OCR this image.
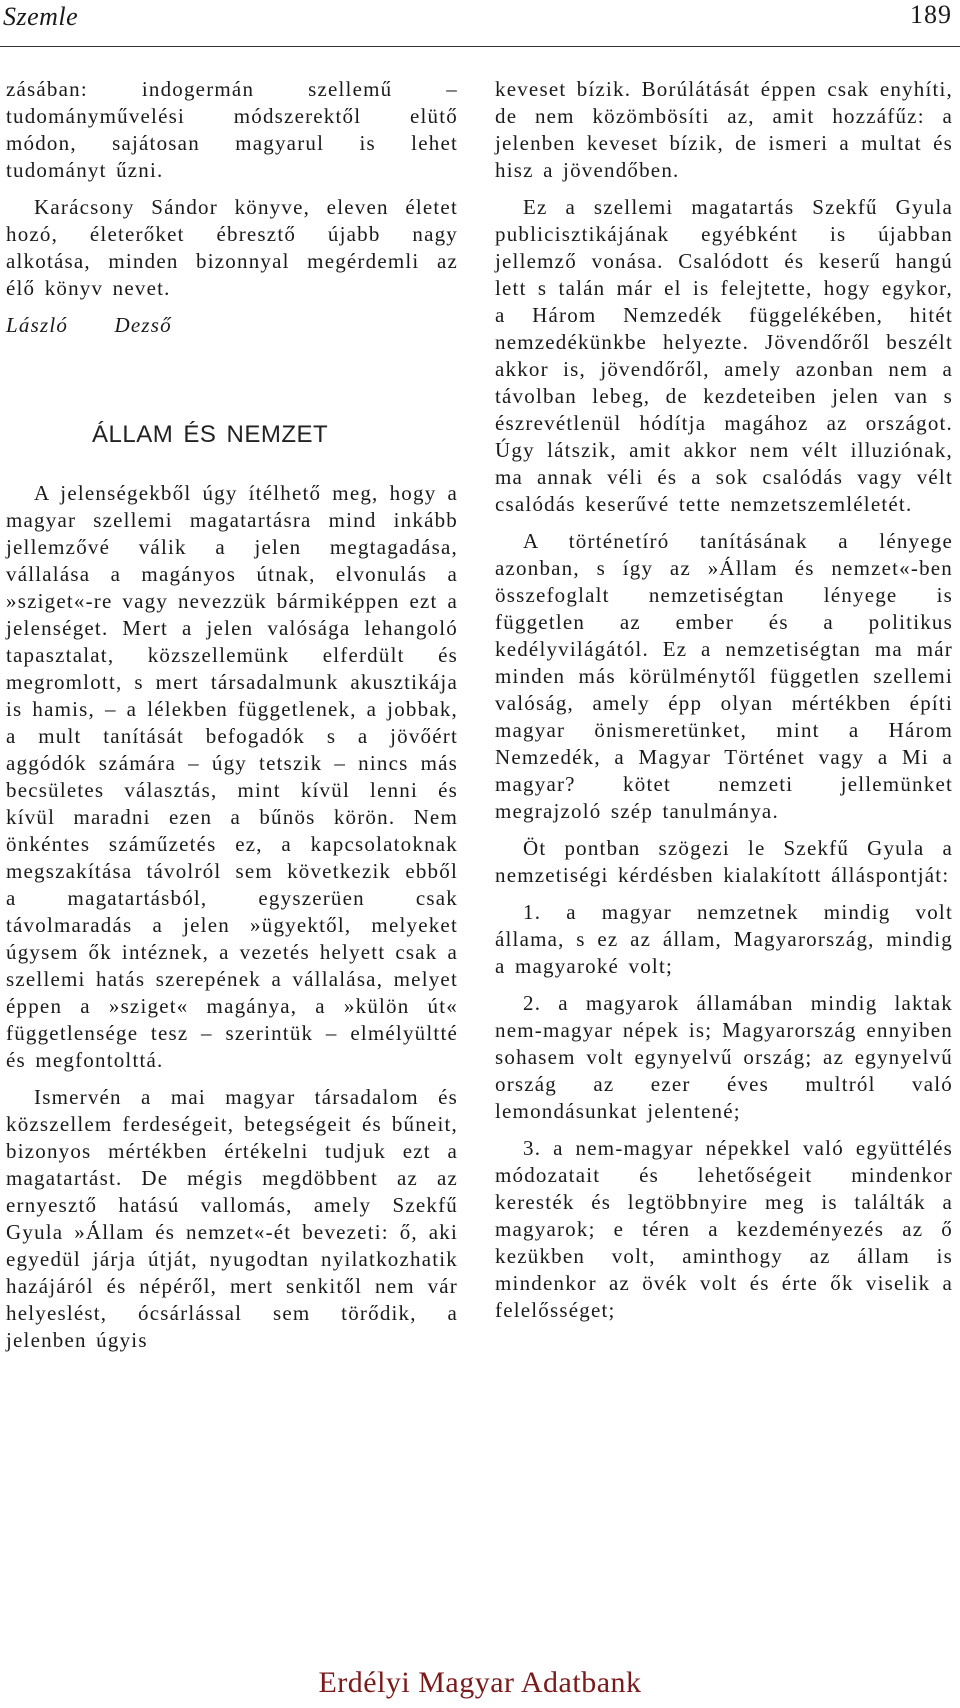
Szemle	189

zásában: indogermán szellemű – tudományművelési módszerektől elütő módon, sajátosan magyarul is lehet tudományt űzni.

Karácsony Sándor könyve, eleven életet hozó, életerőket ébresztő újabb nagy alkotása, minden bizonnyal megérdemli az élő könyv nevet.

László Dezső

ÁLLAM ÉS NEMZET

A jelenségekből úgy ítélhető meg, hogy a magyar szellemi magatartásra mind inkább jellemzővé válik a jelen megtagadása, vállalása a magányos útnak, elvonulás a »sziget«-re vagy nevezzük bármiképpen ezt a jelenséget. Mert a jelen valósága lehangoló tapasztalat, közszellemünk elferdült és megromlott, s mert társadalmunk akusztikája is hamis, – a lélekben függetlenek, a jobbak, a mult tanítását befogadók s a jövőért aggódók számára – úgy tetszik – nincs más becsületes választás, mint kívül lenni és kívül maradni ezen a bűnös körön. Nem önkéntes száműzetés ez, a kapcsolatoknak megszakítása távolról sem következik ebből a magatartásból, egyszerüen csak távolmaradás a jelen »ügyektől, melyeket úgysem ők intéznek, a vezetés helyett csak a szellemi hatás szerepének a vállalása, melyet éppen a »sziget« magánya, a »külön út« függetlensége tesz – szerintük – elmélyültté és megfontolttá.

Ismervén a mai magyar társadalom és közszellem ferdeségeit, betegségeit és bűneit, bizonyos mértékben értékelni tudjuk ezt a magatartást. De mégis megdöbbent az az ernyesztő hatású vallomás, amely Szekfű Gyula »Állam és nemzet«-ét bevezeti: ő, aki egyedül járja útját, nyugodtan nyilatkozhatik hazájáról és népéről, mert senkitől nem vár helyeslést, ócsárlással sem törődik, a jelenben úgyis

keveset bízik. Borúlátását éppen csak enyhíti, de nem közömbösíti az, amit hozzáfűz: a jelenben keveset bízik, de ismeri a multat és hisz a jövendőben.

Ez a szellemi magatartás Szekfű Gyula publicisztikájának egyébként is újabban jellemző vonása. Csalódott és keserű hangú lett s talán már el is felejtette, hogy egykor, a Három Nemzedék függelékében, hitét nemzedékünkbe helyezte. Jövendőről beszélt akkor is, jövendőről, amely azonban nem a távolban lebeg, de kezdeteiben jelen van s észrevétlenül hódítja magához az országot. Úgy látszik, amit akkor nem vélt illuziónak, ma annak véli és a sok csalódás vagy vélt csalódás keserűvé tette nemzetszemléletét.

A történetíró tanításának a lényege azonban, s így az »Állam és nemzet«-ben összefoglalt nemzetiségtan lényege is független az ember és a politikus kedélyvilágától. Ez a nemzetiségtan ma már minden más körülménytől független szellemi valóság, amely épp olyan mértékben építi magyar önismeretünket, mint a Három Nemzedék, a Magyar Történet vagy a Mi a magyar? kötet nemzeti jellemünket megrajzoló szép tanulmánya.

Öt pontban szögezi le Szekfű Gyula a nemzetiségi kérdésben kialakított álláspontját:

1. a magyar nemzetnek mindig volt állama, s ez az állam, Magyarország, mindig a magyaroké volt;

2. a magyarok államában mindig laktak nem-magyar népek is; Magyarország ennyiben sohasem volt egynyelvű ország; az egynyelvű ország az ezer éves multról való lemondásunkat jelentené;

3. a nem-magyar népekkel való együttélés módozatait és lehetőségeit mindenkor keresték és legtöbbnyire meg is találták a magyarok; e téren a kezdeményezés az ő kezükben volt, aminthogy az állam is mindenkor az övék volt és érte ők viselik a felelősséget;

Erdélyi Magyar Adatbank
